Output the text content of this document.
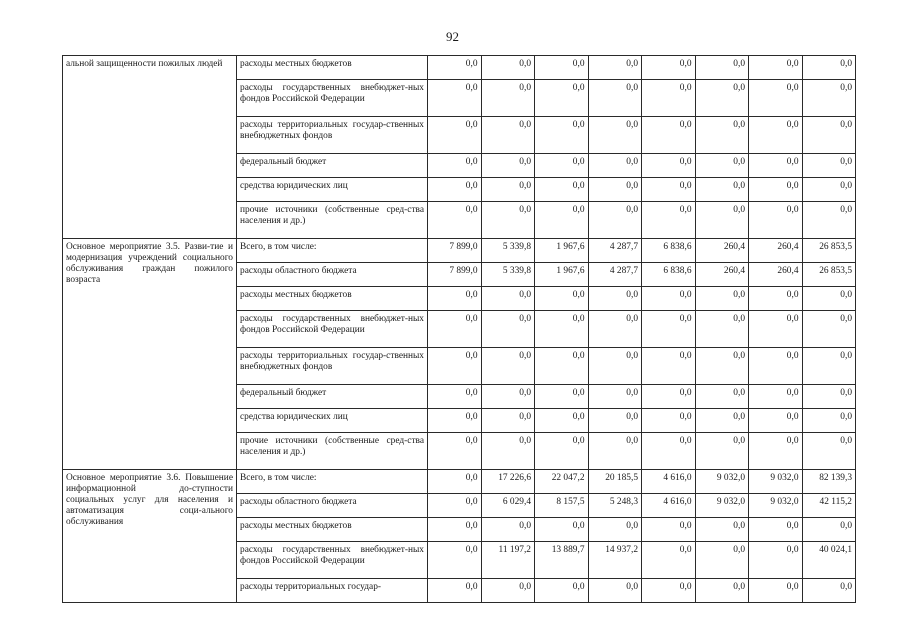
92
альной защищенности пожилых людей	расходы местных бюджетов	0,0	0,0	0,0	0,0	0,0	0,0	0,0	0,0
	расходы государственных внебюджет-ных фондов Российской Федерации	0,0	0,0	0,0	0,0	0,0	0,0	0,0	0,0
	расходы территориальных государ-ственных внебюджетных фондов	0,0	0,0	0,0	0,0	0,0	0,0	0,0	0,0
	федеральный бюджет	0,0	0,0	0,0	0,0	0,0	0,0	0,0	0,0
	средства юридических лиц	0,0	0,0	0,0	0,0	0,0	0,0	0,0	0,0
	прочие источники (собственные сред-ства населения и др.)	0,0	0,0	0,0	0,0	0,0	0,0	0,0	0,0
Основное мероприятие 3.5. Разви-тие и модернизация учреждений социального обслуживания граждан пожилого возраста	Всего, в том числе:	7 899,0	5 339,8	1 967,6	4 287,7	6 838,6	260,4	260,4	26 853,5
	расходы областного бюджета	7 899,0	5 339,8	1 967,6	4 287,7	6 838,6	260,4	260,4	26 853,5
	расходы местных бюджетов	0,0	0,0	0,0	0,0	0,0	0,0	0,0	0,0
	расходы государственных внебюджет-ных фондов Российской Федерации	0,0	0,0	0,0	0,0	0,0	0,0	0,0	0,0
	расходы территориальных государ-ственных внебюджетных фондов	0,0	0,0	0,0	0,0	0,0	0,0	0,0	0,0
	федеральный бюджет	0,0	0,0	0,0	0,0	0,0	0,0	0,0	0,0
	средства юридических лиц	0,0	0,0	0,0	0,0	0,0	0,0	0,0	0,0
	прочие источники (собственные сред-ства населения и др.)	0,0	0,0	0,0	0,0	0,0	0,0	0,0	0,0
Основное мероприятие 3.6. Повышение информационной до-ступности социальных услуг для населения и автоматизация соци-ального обслуживания	Всего, в том числе:	0,0	17 226,6	22 047,2	20 185,5	4 616,0	9 032,0	9 032,0	82 139,3
	расходы областного бюджета	0,0	6 029,4	8 157,5	5 248,3	4 616,0	9 032,0	9 032,0	42 115,2
	расходы местных бюджетов	0,0	0,0	0,0	0,0	0,0	0,0	0,0	0,0
	расходы государственных внебюджет-ных фондов Российской Федерации	0,0	11 197,2	13 889,7	14 937,2	0,0	0,0	0,0	40 024,1
	расходы территориальных государ-	0,0	0,0	0,0	0,0	0,0	0,0	0,0	0,0
